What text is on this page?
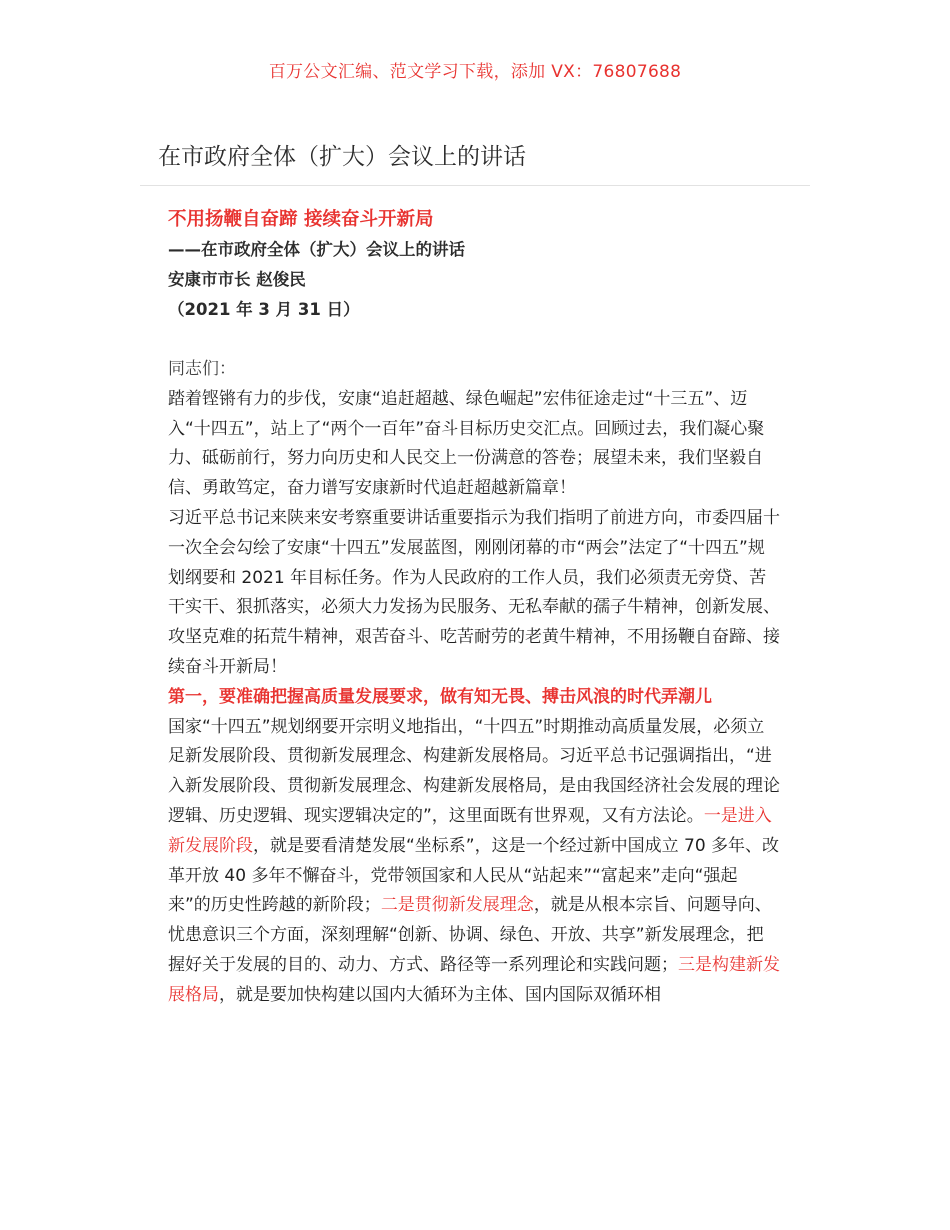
百万公文汇编、范文学习下载，添加 VX：76807688
在市政府全体（扩大）会议上的讲话
不用扬鞭自奋蹄 接续奋斗开新局
——在市政府全体（扩大）会议上的讲话
安康市市长 赵俊民
（2021 年 3 月 31 日）

同志们：

踏着铿锵有力的步伐，安康“追赶超越、绿色崛起”宏伟征途走过“十三五”、迈入“十四五”，站上了“两个一百年”奋斗目标历史交汇点。回顾过去，我们凝心聚力、砥砺前行，努力向历史和人民交上一份满意的答卷；展望未来，我们坚毅自信、勇敢笃定，奋力谱写安康新时代追赶超越新篇章！

习近平总书记来陕来安考察重要讲话重要指示为我们指明了前进方向，市委四届十一次全会勾绘了安康“十四五”发展蓝图，刚刚闭幕的市“两会”法定了“十四五”规划纲要和 2021 年目标任务。作为人民政府的工作人员，我们必须责无旁贷、苦干实干、狠抓落实，必须大力发扬为民服务、无私奉献的孺子牛精神，创新发展、攻坚克难的拓荒牛精神，艰苦奋斗、吃苦耐劳的老黄牛精神，不用扬鞭自奋蹄、接续奋斗开新局！

第一，要准确把握高质量发展要求，做有知无畏、搏击风浪的时代弄潮儿

国家“十四五”规划纲要开宗明义地指出，“十四五”时期推动高质量发展，必须立足新发展阶段、贯彻新发展理念、构建新发展格局。习近平总书记强调指出，“进入新发展阶段、贯彻新发展理念、构建新发展格局，是由我国经济社会发展的理论逻辑、历史逻辑、现实逻辑决定的”，这里面既有世界观，又有方法论。一是进入新发展阶段，就是要看清楚发展“坐标系”，这是一个经过新中国成立 70 多年、改革开放 40 多年不懈奋斗，党带领国家和人民从“站起来”“富起来”走向“强起来”的历史性跨越的新阶段；二是贯彻新发展理念，就是从根本宗旨、问题导向、忧患意识三个方面，深刻理解“创新、协调、绿色、开放、共享”新发展理念，把握好关于发展的目的、动力、方式、路径等一系列理论和实践问题；三是构建新发展格局，就是要加快构建以国内大循环为主体、国内国际双循环相
